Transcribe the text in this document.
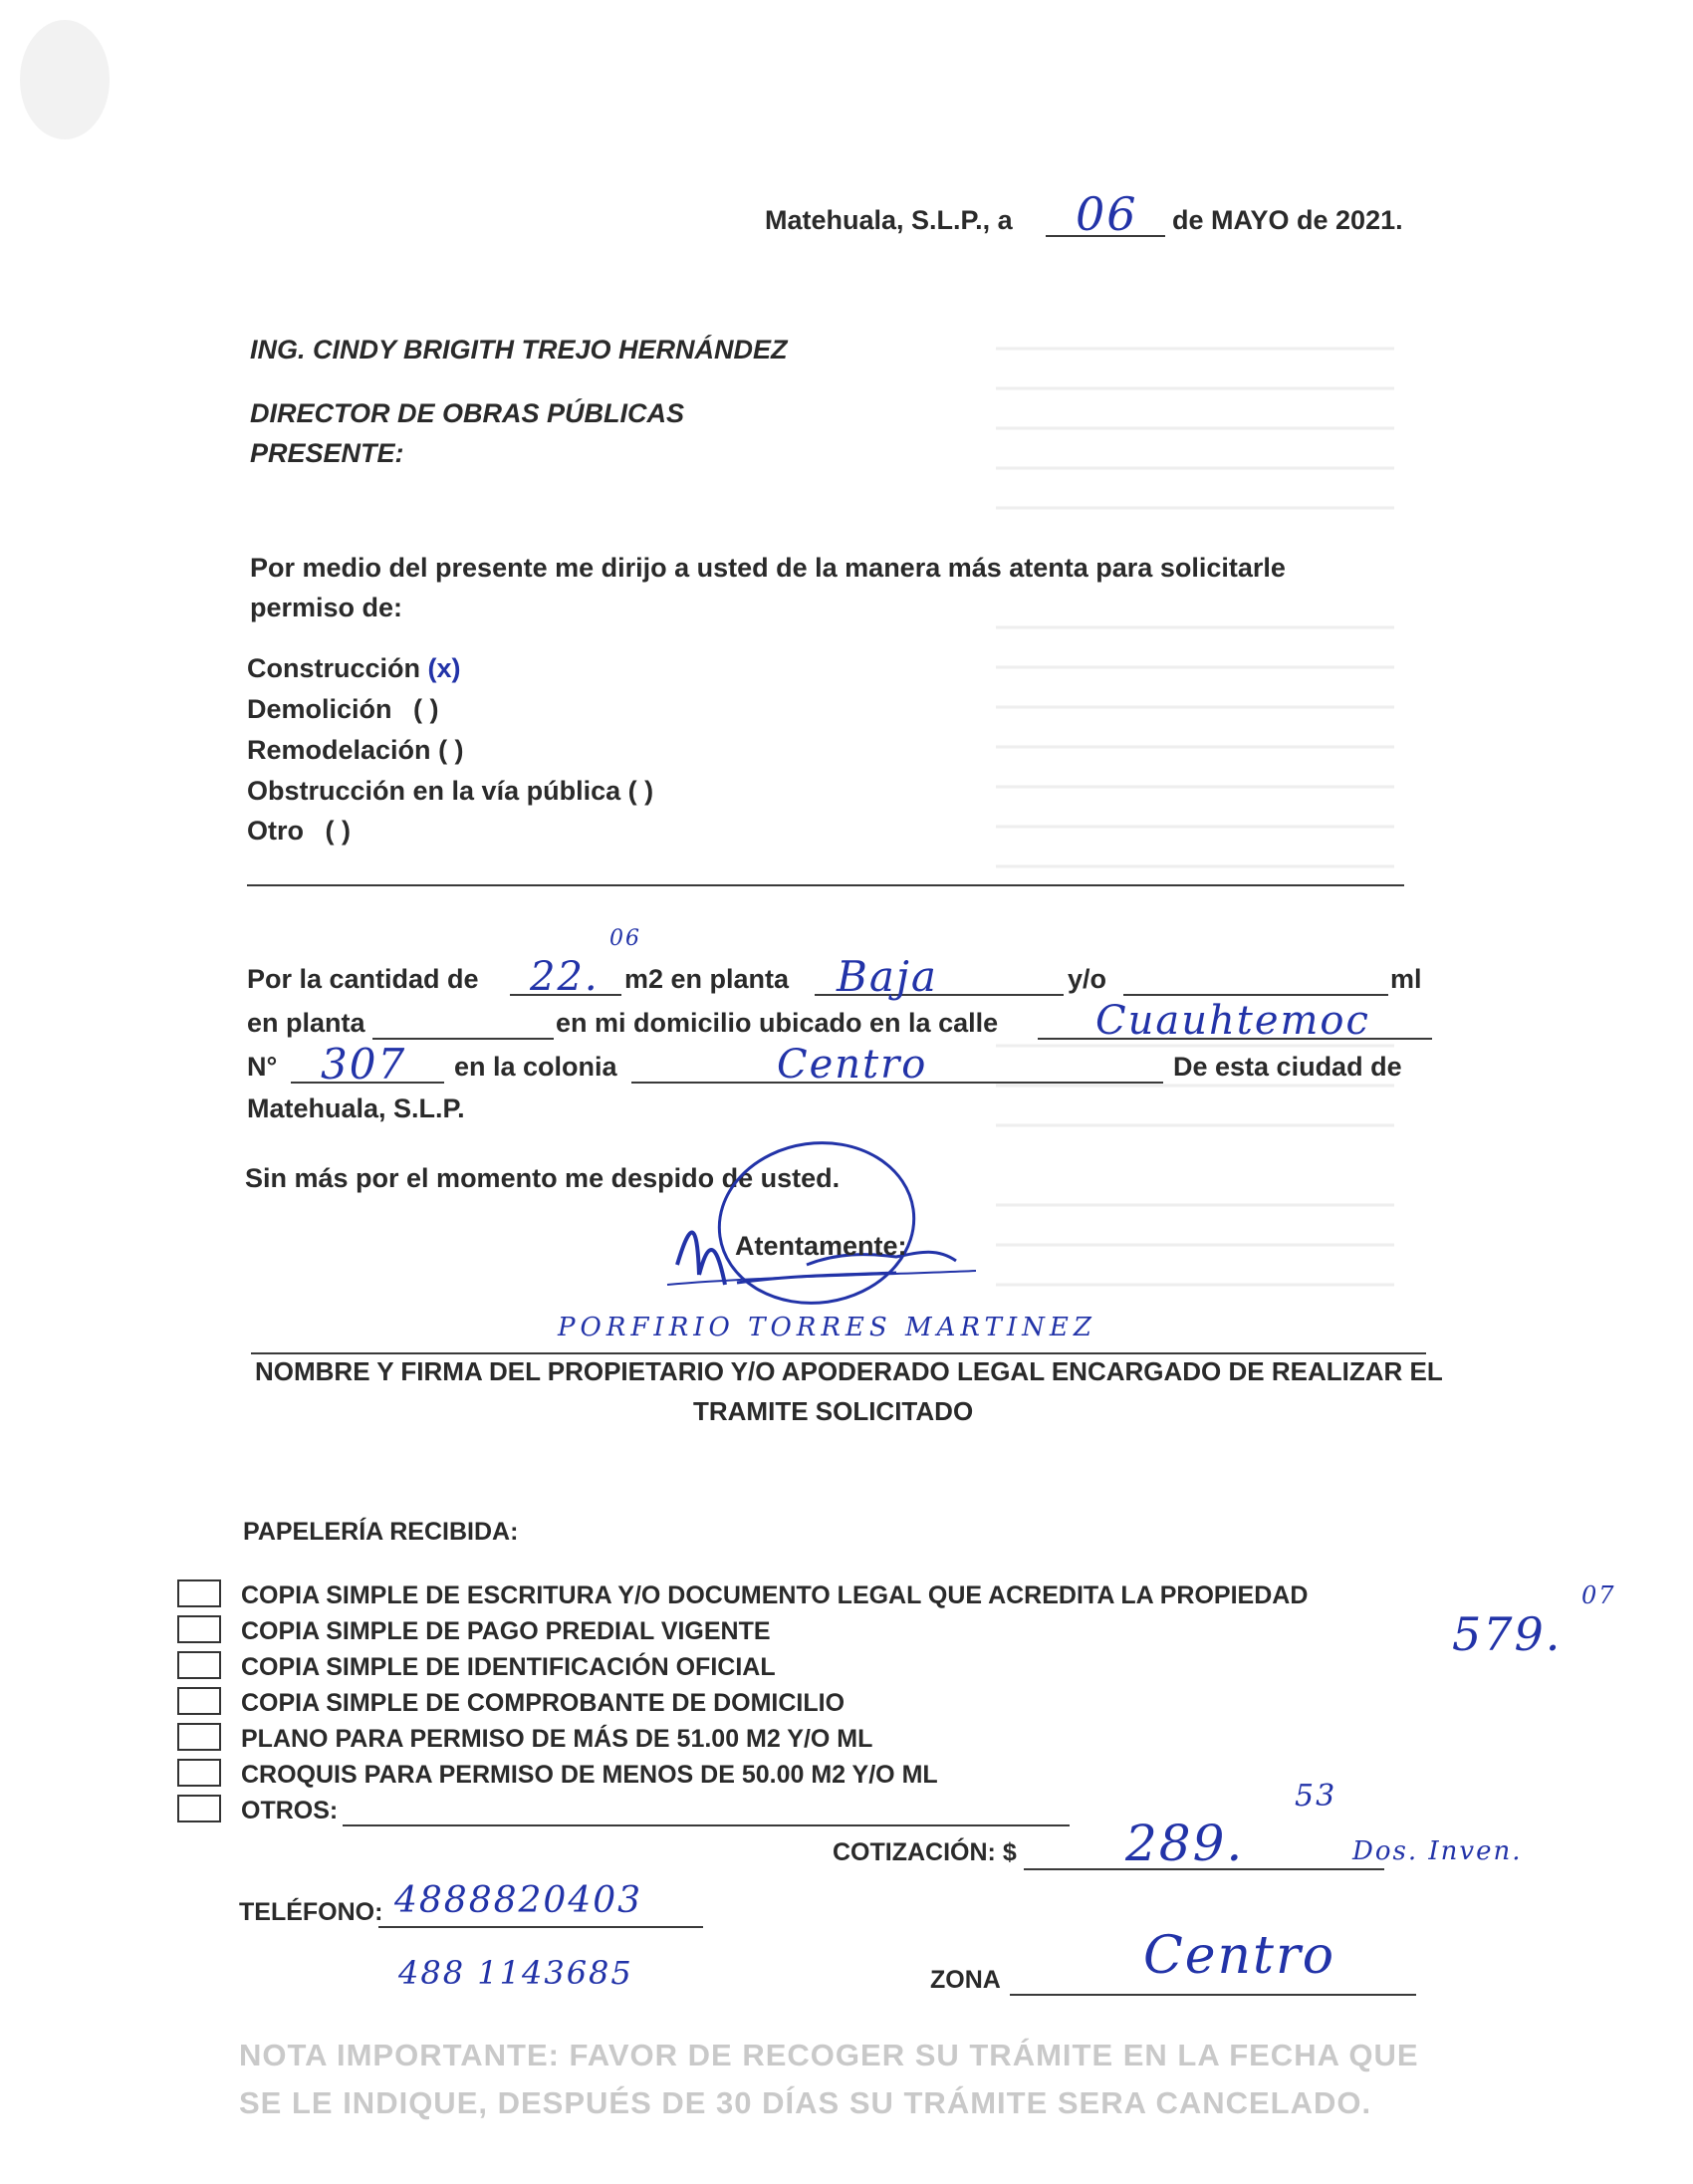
Matehuala, S.L.P., a 06 de MAYO de 2021.
ING. CINDY BRIGITH TREJO HERNÁNDEZ
DIRECTOR DE OBRAS PÚBLICAS
PRESENTE:
Por medio del presente me dirijo a usted de la manera más atenta para solicitarle
permiso de:
Construcción (x)
Demolición ( )
Remodelación ( )
Obstrucción en la vía pública ( )
Otro ( )
Por la cantidad de 22.
06
m2 en planta Baja	y/o	ml
en planta	en mi domicilio ubicado en la calle Cuauhtemoc
N° 307 en la colonia	Centro	De esta ciudad de
Matehuala, S.L.P.
Sin más por el momento me despido de usted.
Atentamente:
PORFIRIO TORRES MARTINEZ
NOMBRE Y FIRMA DEL PROPIETARIO Y/O APODERADO LEGAL ENCARGADO DE REALIZAR EL
TRAMITE SOLICITADO
PAPELERÍA RECIBIDA:
COPIA SIMPLE DE ESCRITURA Y/O DOCUMENTO LEGAL QUE ACREDITA LA PROPIEDAD
COPIA SIMPLE DE PAGO PREDIAL VIGENTE
COPIA SIMPLE DE IDENTIFICACIÓN OFICIAL
COPIA SIMPLE DE COMPROBANTE DE DOMICILIO
PLANO PARA PERMISO DE MÁS DE 51.00 M2 Y/O ML
CROQUIS PARA PERMISO DE MENOS DE 50.00 M2 Y/O ML
OTROS:
579.
07
COTIZACIÓN: $ 289.
53
Dos. Inven.
TELÉFONO: 4888820403
488 1143685	ZONA	Centro
NOTA IMPORTANTE: FAVOR DE RECOGER SU TRÁMITE EN LA FECHA QUE
SE LE INDIQUE, DESPUÉS DE 30 DÍAS SU TRÁMITE SERA CANCELADO.
